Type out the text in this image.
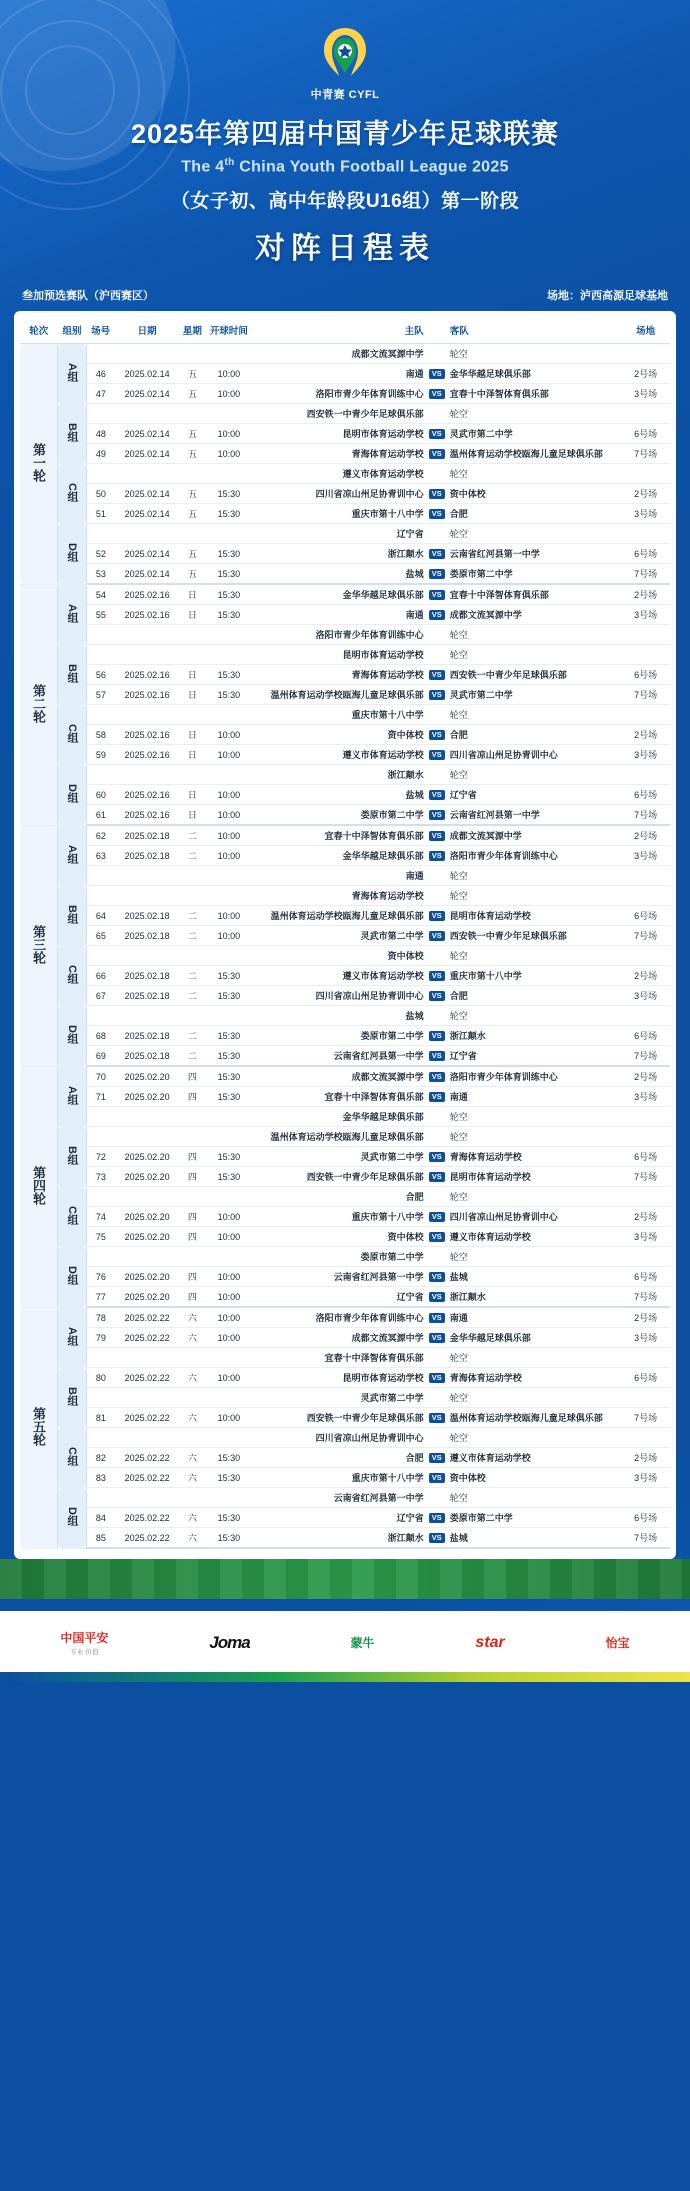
中青赛 CYFL
2025年第四届中国青少年足球联赛
The 4th China Youth Football League 2025
（女子初、高中年龄段U16组）第一阶段
对阵日程表
叁加预选赛队（沪西赛区）	场地：泸西高源足球基地
轮次	组别	场号	日期	星期	开球时间	主队		客队	场地
第一轮	A组					成都文流冥源中学		轮空	
		46	2025.02.14	五	10:00	南通	VS	金华华越足球俱乐部	2号场
		47	2025.02.14	五	10:00	洛阳市青少年体育训练中心	VS	宜春十中泽智体育俱乐部	3号场
	B组					西安铁一中青少年足球俱乐部		轮空	
		48	2025.02.14	五	10:00	昆明市体育运动学校	VS	灵武市第二中学	6号场
		49	2025.02.14	五	10:00	青海体育运动学校	VS	温州体育运动学校瓯海儿童足球俱乐部	7号场
	C组					遵义市体育运动学校		轮空	
		50	2025.02.14	五	15:30	四川省凉山州足协青训中心	VS	资中体校	2号场
		51	2025.02.14	五	15:30	重庆市第十八中学	VS	合肥	3号场
	D组					辽宁省		轮空	
		52	2025.02.14	五	15:30	浙江颠水	VS	云南省红河县第一中学	6号场
		53	2025.02.14	五	15:30	盐城	VS	娄原市第二中学	7号场
第二轮	A组	54	2025.02.16	日	15:30	金华华越足球俱乐部	VS	宜春十中泽智体育俱乐部	2号场
		55	2025.02.16	日	15:30	南通	VS	成都文流冥源中学	3号场
						洛阳市青少年体育训练中心		轮空	
	B组					昆明市体育运动学校		轮空	
		56	2025.02.16	日	15:30	青海体育运动学校	VS	西安铁一中青少年足球俱乐部	6号场
		57	2025.02.16	日	15:30	温州体育运动学校瓯海儿童足球俱乐部	VS	灵武市第二中学	7号场
	C组					重庆市第十八中学		轮空	
		58	2025.02.16	日	10:00	资中体校	VS	合肥	2号场
		59	2025.02.16	日	10:00	遵义市体育运动学校	VS	四川省凉山州足协青训中心	3号场
	D组					浙江颠水		轮空	
		60	2025.02.16	日	10:00	盐城	VS	辽宁省	6号场
		61	2025.02.16	日	10:00	娄原市第二中学	VS	云南省红河县第一中学	7号场
第三轮	A组	62	2025.02.18	二	10:00	宜春十中泽智体育俱乐部	VS	成都文流冥源中学	2号场
		63	2025.02.18	二	10:00	金华华越足球俱乐部	VS	洛阳市青少年体育训练中心	3号场
						南通		轮空	
	B组					青海体育运动学校		轮空	
		64	2025.02.18	二	10:00	温州体育运动学校瓯海儿童足球俱乐部	VS	昆明市体育运动学校	6号场
		65	2025.02.18	二	10:00	灵武市第二中学	VS	西安铁一中青少年足球俱乐部	7号场
	C组					资中体校		轮空	
		66	2025.02.18	二	15:30	遵义市体育运动学校	VS	重庆市第十八中学	2号场
		67	2025.02.18	二	15:30	四川省凉山州足协青训中心	VS	合肥	3号场
	D组					盐城		轮空	
		68	2025.02.18	二	15:30	娄原市第二中学	VS	浙江颠水	6号场
		69	2025.02.18	二	15:30	云南省红河县第一中学	VS	辽宁省	7号场
第四轮	A组	70	2025.02.20	四	15:30	成都文流冥源中学	VS	洛阳市青少年体育训练中心	2号场
		71	2025.02.20	四	15:30	宜春十中泽智体育俱乐部	VS	南通	3号场
						金华华越足球俱乐部		轮空	
	B组					温州体育运动学校瓯海儿童足球俱乐部		轮空	
		72	2025.02.20	四	15:30	灵武市第二中学	VS	青海体育运动学校	6号场
		73	2025.02.20	四	15:30	西安铁一中青少年足球俱乐部	VS	昆明市体育运动学校	7号场
	C组					合肥		轮空	
		74	2025.02.20	四	10:00	重庆市第十八中学	VS	四川省凉山州足协青训中心	2号场
		75	2025.02.20	四	10:00	资中体校	VS	遵义市体育运动学校	3号场
	D组					娄原市第二中学		轮空	
		76	2025.02.20	四	10:00	云南省红河县第一中学	VS	盐城	6号场
		77	2025.02.20	四	10:00	辽宁省	VS	浙江颠水	7号场
第五轮	A组	78	2025.02.22	六	10:00	洛阳市青少年体育训练中心	VS	南通	2号场
		79	2025.02.22	六	10:00	成都文流冥源中学	VS	金华华越足球俱乐部	3号场
						宜春十中泽智体育俱乐部		轮空	
	B组	80	2025.02.22	六	10:00	昆明市体育运动学校	VS	青海体育运动学校	6号场
						灵武市第二中学		轮空	
		81	2025.02.22	六	10:00	西安铁一中青少年足球俱乐部	VS	温州体育运动学校瓯海儿童足球俱乐部	7号场
	C组					四川省凉山州足协青训中心		轮空	
		82	2025.02.22	六	15:30	合肥	VS	遵义市体育运动学校	2号场
		83	2025.02.22	六	15:30	重庆市第十八中学	VS	资中体校	3号场
	D组					云南省红河县第一中学		轮空	
		84	2025.02.22	六	15:30	辽宁省	VS	娄原市第二中学	6号场
		85	2025.02.22	六	15:30	浙江颠水	VS	盐城	7号场
中国平安
专业·价值
Joma	蒙牛	star	怡宝
